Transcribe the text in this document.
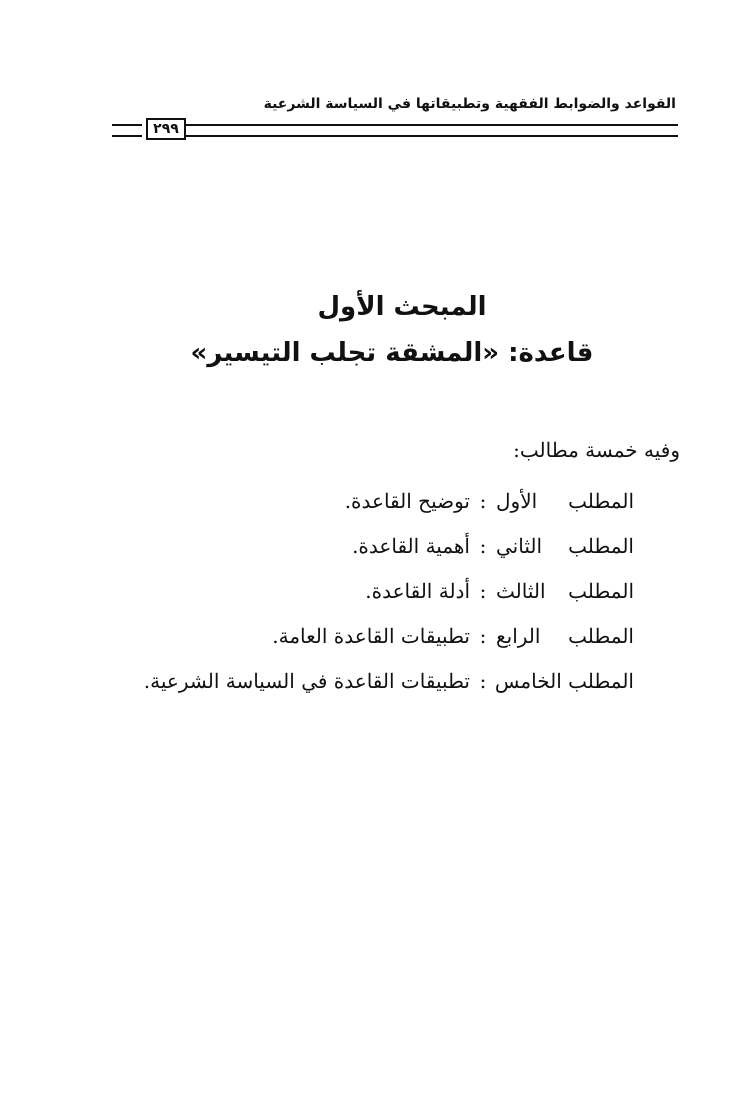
القواعد والضوابط الفقهية وتطبيقاتها في السياسة الشرعية
٢٩٩
المبحث الأول
قاعدة: «المشقة تجلب التيسير»
وفيه خمسة مطالب:
المطلب الأول
:
توضيح القاعدة.
المطلب الثاني
:
أهمية القاعدة.
المطلب الثالث
:
أدلة القاعدة.
المطلب الرابع
:
تطبيقات القاعدة العامة.
المطلب الخامس
:
تطبيقات القاعدة في السياسة الشرعية.
